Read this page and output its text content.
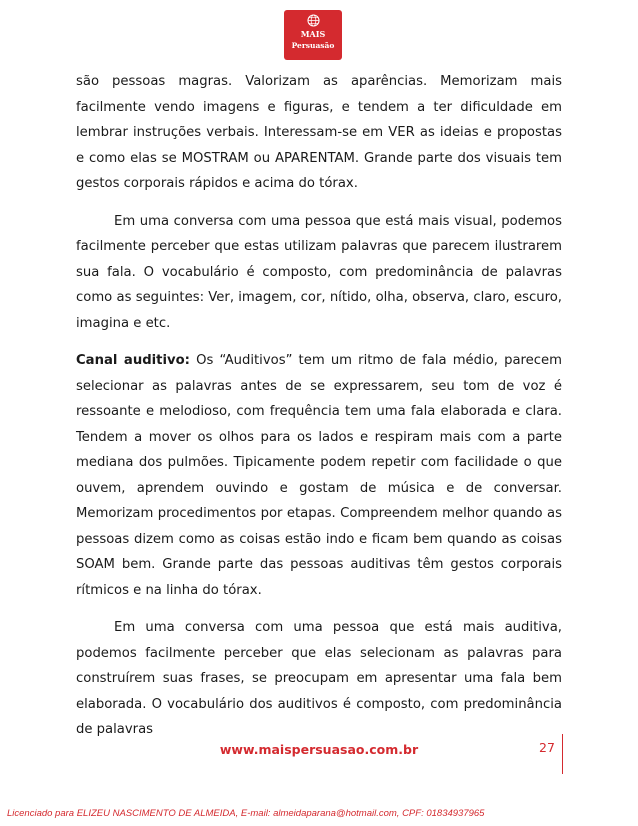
MAIS
Persuasão

são pessoas magras. Valorizam as aparências. Memorizam mais facilmente vendo imagens e figuras, e tendem a ter dificuldade em lembrar instruções verbais. Interessam-se em VER as ideias e propostas e como elas se MOSTRAM ou APARENTAM. Grande parte dos visuais tem gestos corporais rápidos e acima do tórax.

Em uma conversa com uma pessoa que está mais visual, podemos facilmente perceber que estas utilizam palavras que parecem ilustrarem sua fala. O vocabulário é composto, com predominância de palavras como as seguintes: Ver, imagem, cor, nítido, olha, observa, claro, escuro, imagina e etc.

Canal auditivo: Os “Auditivos” tem um ritmo de fala médio, parecem selecionar as palavras antes de se expressarem, seu tom de voz é ressoante e melodioso, com frequência tem uma fala elaborada e clara. Tendem a mover os olhos para os lados e respiram mais com a parte mediana dos pulmões. Tipicamente podem repetir com facilidade o que ouvem, aprendem ouvindo e gostam de música e de conversar. Memorizam procedimentos por etapas. Compreendem melhor quando as pessoas dizem como as coisas estão indo e ficam bem quando as coisas SOAM bem. Grande parte das pessoas auditivas têm gestos corporais rítmicos e na linha do tórax.

Em uma conversa com uma pessoa que está mais auditiva, podemos facilmente perceber que elas selecionam as palavras para construírem suas frases, se preocupam em apresentar uma fala bem elaborada. O vocabulário dos auditivos é composto, com predominância de palavras

www.maispersuasao.com.br	27
Licenciado para ELIZEU NASCIMENTO DE ALMEIDA, E-mail: almeidaparana@hotmail.com, CPF: 01834937965
